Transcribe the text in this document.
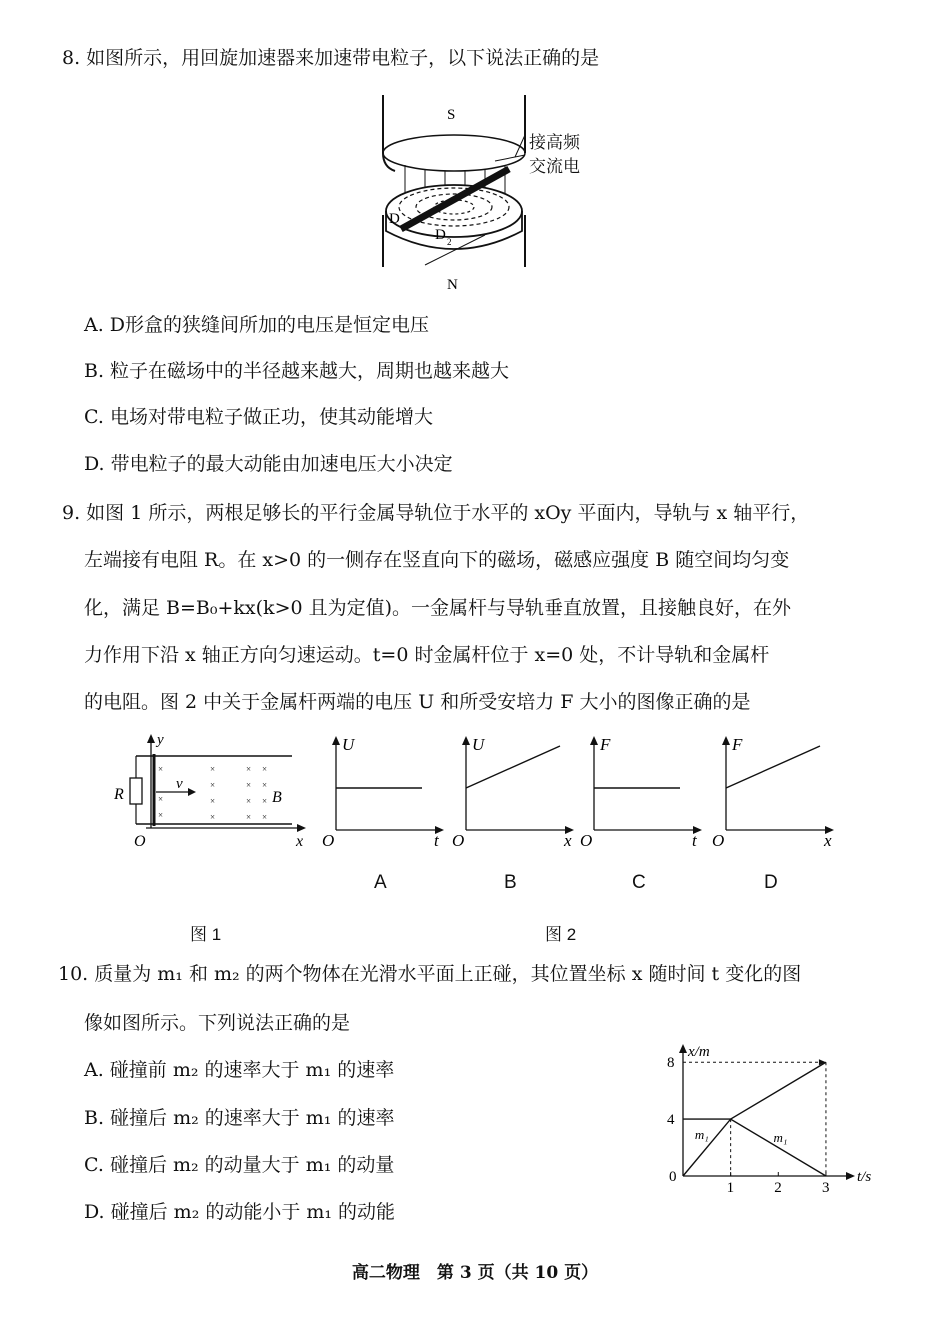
8. 如图所示，用回旋加速器来加速带电粒子，以下说法正确的是
S
N
D
D 2
接高频
交流电
A. D形盒的狭缝间所加的电压是恒定电压
B. 粒子在磁场中的半径越来越大，周期也越来越大
C. 电场对带电粒子做正功，使其动能增大
D. 带电粒子的最大动能由加速电压大小决定
9. 如图 1 所示，两根足够长的平行金属导轨位于水平的 xOy 平面内，导轨与 x 轴平行，
左端接有电阻 R。在 x>0 的一侧存在竖直向下的磁场，磁感应强度 B 随空间均匀变
化，满足 B=B₀+kx(k>0 且为定值)。一金属杆与导轨垂直放置，且接触良好，在外
力作用下沿 x 轴正方向匀速运动。t=0 时金属杆位于 x=0 处，不计导轨和金属杆
的电阻。图 2 中关于金属杆两端的电压 U 和所受安培力 F 大小的图像正确的是
×
×
×
×
×
×
×
×
×
×
×
×
×
×
×
y
R
v
B
O	x
U
t
O
A
U
x
O
B
F
t
O
C
F
x
O
D
图 1	图 2
10. 质量为 m₁ 和 m₂ 的两个物体在光滑水平面上正碰，其位置坐标 x 随时间 t 变化的图
像如图所示。下列说法正确的是
A. 碰撞前 m₂ 的速率大于 m₁ 的速率
B. 碰撞后 m₂ 的速率大于 m₁ 的速率
C. 碰撞后 m₂ 的动量大于 m₁ 的动量
D. 碰撞后 m₂ 的动能小于 m₁ 的动能
x/m
t/s
0
1	2	3
4
8
m₁	m₁
高二物理　第 3 页（共 10 页）
